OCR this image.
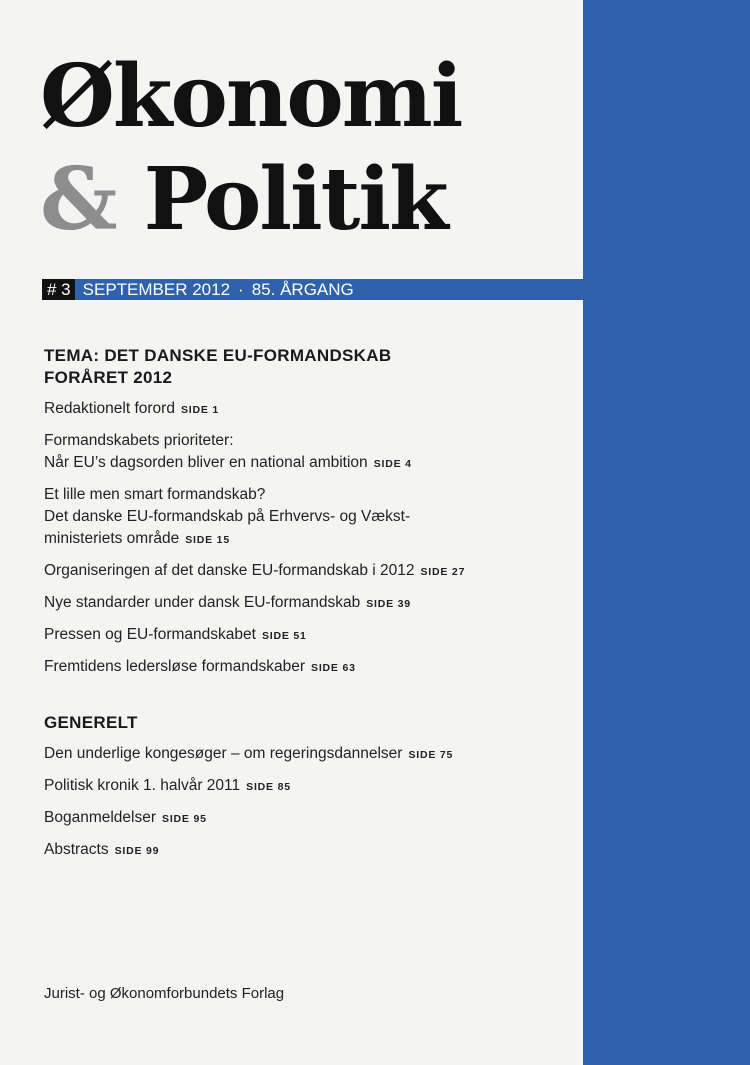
Økonomi
& Politik
# 3 SEPTEMBER 2012 · 85. ÅRGANG
TEMA: DET DANSKE EU-FORMANDSKAB
FORÅRET 2012
Redaktionelt forord SIDE 1
Formandskabets prioriteter:
Når EU’s dagsorden bliver en national ambition SIDE 4
Et lille men smart formandskab?
Det danske EU-formandskab på Erhvervs- og Vækst-
ministeriets område SIDE 15
Organiseringen af det danske EU-formandskab i 2012 SIDE 27
Nye standarder under dansk EU-formandskab SIDE 39
Pressen og EU-formandskabet SIDE 51
Fremtidens ledersløse formandskaber SIDE 63
GENERELT
Den underlige kongesøger – om regeringsdannelser SIDE 75
Politisk kronik 1. halvår 2011 SIDE 85
Boganmeldelser SIDE 95
Abstracts SIDE 99
Jurist- og Økonomforbundets Forlag
